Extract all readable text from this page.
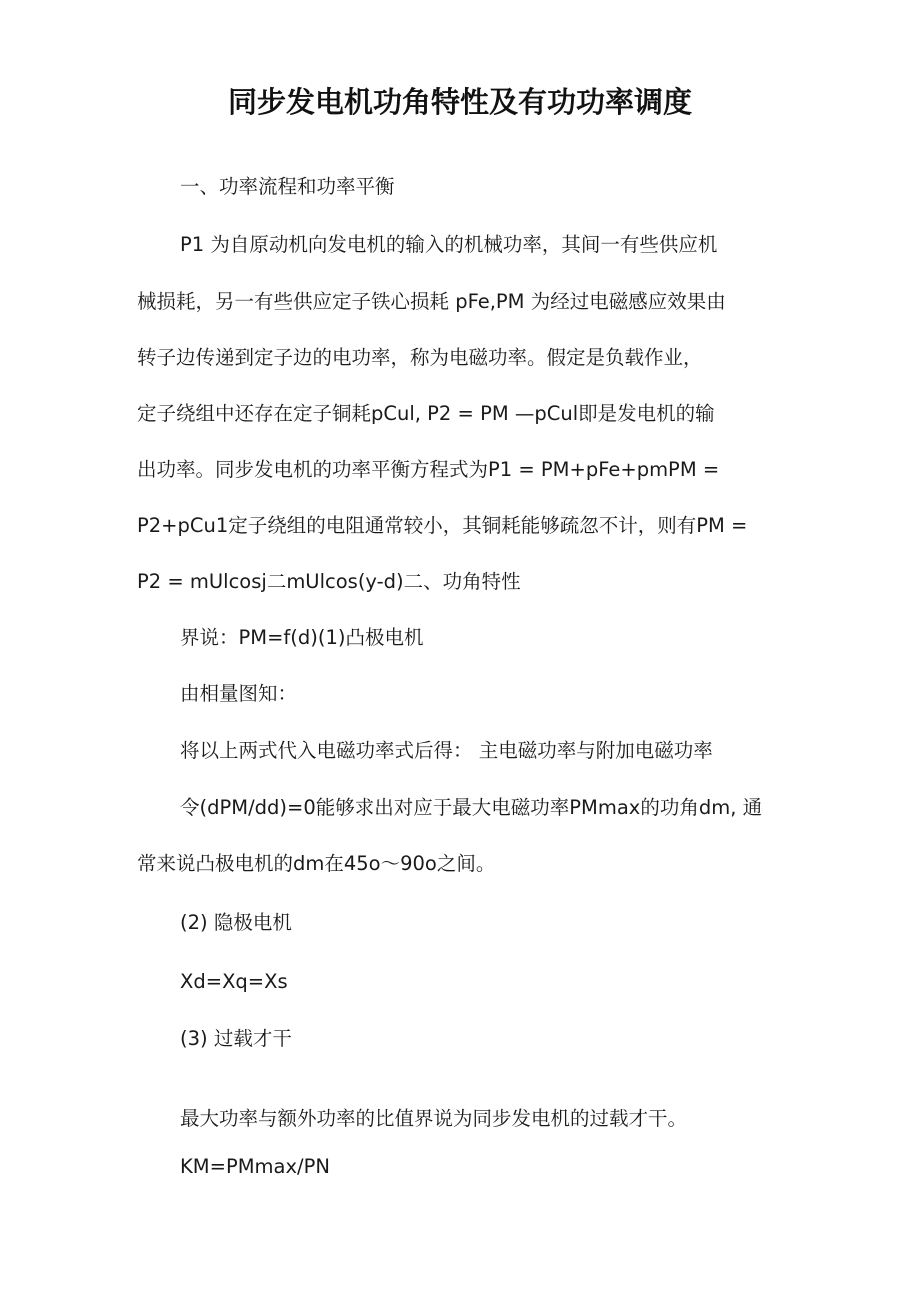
同步发电机功角特性及有功功率调度

一、功率流程和功率平衡

P1 为自原动机向发电机的输入的机械功率，其间一有些供应机

械损耗，另一有些供应定子铁心损耗 pFe,PM 为经过电磁感应效果由

转子边传递到定子边的电功率，称为电磁功率。假定是负载作业，

定子绕组中还存在定子铜耗pCul, P2 = PM —pCul即是发电机的输

出功率。同步发电机的功率平衡方程式为P1 = PM+pFe+pmPM =

P2+pCu1定子绕组的电阻通常较小，其铜耗能够疏忽不计，则有PM =

P2 = mUlcosj二mUlcos(y-d)二、功角特性

界说：PM=f(d)(1)凸极电机

由相量图知：

将以上两式代入电磁功率式后得： 主电磁功率与附加电磁功率

令(dPM/dd)=0能够求出对应于最大电磁功率PMmax的功角dm, 通

常来说凸极电机的dm在45o〜90o之间。

(2) 隐极电机

Xd=Xq=Xs

(3) 过载才干

最大功率与额外功率的比值界说为同步发电机的过载才干。

KM=PMmax/PN
